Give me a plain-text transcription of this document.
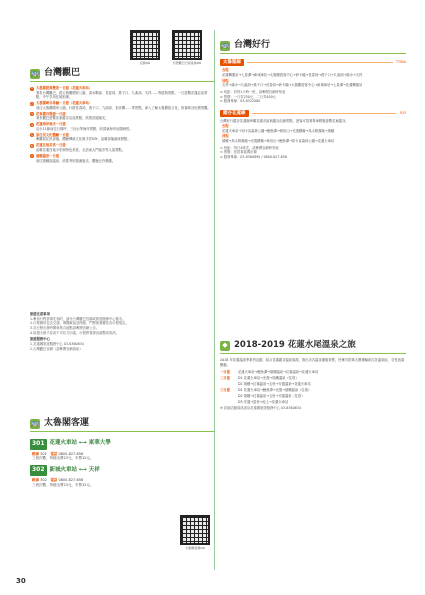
官網QR	台灣觀巴行程查詢QR
🚌 台灣觀巴
1 太魯閣經典雙景一日遊（花蓮火車站）
乘坐台灣觀巴，經太魯閣國家公園、清水斷崖、長春祠、燕子口、九曲洞、天祥……等經典景點，一日遊覽花蓮必訪景點，中午享用在地料理。
2 太魯閣峽谷尋幽一日遊（花蓮火車站）
前往太魯閣國家公園，行經長春祠、燕子口、九曲洞、布洛灣……等景點，深入了解太魯閣族文化，欣賞峽谷壯麗景觀。
3 花東縱谷慢遊一日遊
乘坐觀巴遊覽花東縱谷沿途景點，欣賞田園風光。
4 花蓮海岸風光一日遊
沿台11線前往石梯坪、三仙台等海岸景點，欣賞東海岸壯闊海景。
5 原住民文化體驗一日遊
參觀原住民部落，體驗傳統文化與手作DIY，品嚐部落風味餐點。
6 花蓮在地美食一日遊
品嚐花蓮在地小吃與特色美食，走訪東大門夜市等人氣景點。
7 瑞穗溫泉一日遊
前往瑞穗泡溫泉，欣賞秀姑巒溪風光，體驗泛舟樂趣。
旅遊注意事項
1.參加行程需事先預約，請至台灣觀巴官網或旅遊服務中心報名。
2.行程費用包含交通、導覽解說及保險，門票與餐費依各行程規定。
3.各行程出發時間與集合地點請參閱官網公告。
4.如遇天候不佳或不可抗力因素，行程將視情況調整或取消。
旅遊服務中心
1.花蓮縣旅遊服務中心 03-8360634
2.台灣觀巴官網（請參閱官網資訊）
🚌 太魯閣客運
301 花蓮火車站 ⟷ 東華大學
路線 301　 電話 0800-827-656
三班次數，每趟全票23元，半票12元。
302 新城火車站 ⟷ 天祥
路線 302　 電話 0800-827-656
三班次數，每趟全票23元，半票12元。
太魯閣客運QR
30
🚌 台灣好行
太魯閣線	TTIBA
去程
花蓮轉運站→七星潭→新城車站→太魯閣遊客中心→砂卡礑→長春祠→燕子口→九曲洞→綠水→天祥
回程
天祥→綠水→九曲洞→燕子口→長春祠→砂卡礑→太魯閣遊客中心→新城車站→七星潭→花蓮轉運站
⊙ 班距：約每1小時一班，請參閱官網時刻表
⊙ 票價：一日券250元、二日券400元
⊙ 服務專線：03-8322080
縱谷花蓮線	303
台灣好行縱谷花蓮線串聯花蓮市區與縱谷沿線景點，遊客可搭乘專車輕鬆遊覽花東縱谷。
去程
花蓮火車站→知卡宣森林公園→鯉魚潭→林田山→光復糖廠→馬太鞍濕地→瑞穗
回程
瑞穗→馬太鞍濕地→光復糖廠→林田山→鯉魚潭→知卡宣森林公園→花蓮火車站
⊙ 班距：每日4班次，請參閱官網時刻表
⊙ 票價：依搭乘區間計費
⊙ 服務專線：03-8360890 / 0800-827-656
◆ 2018-2019 花蓮水尾溫泉之旅
2018 年花蓮溫泉季系列活動，結合花蓮縱谷溫泉資源，推出各式溫泉優惠套票，民眾可搭乘大眾運輸前往各溫泉區，享受泡湯樂趣。
一日遊	花蓮火車站→鯉魚潭→瑞穗溫泉→紅葉溫泉→花蓮火車站
二日遊	D1 花蓮火車站→光復→瑞穗溫泉（住宿）
D2 瑞穗→紅葉溫泉→玉里→安通溫泉→花蓮火車站
三日遊	D1 花蓮火車站→鯉魚潭→光復→瑞穗溫泉（住宿）
D2 瑞穗→紅葉溫泉→玉里→安通溫泉（住宿）
D3 安通→富里→池上→花蓮火車站
※ 詳細活動資訊請洽花蓮縣旅遊服務中心 03-8360634
